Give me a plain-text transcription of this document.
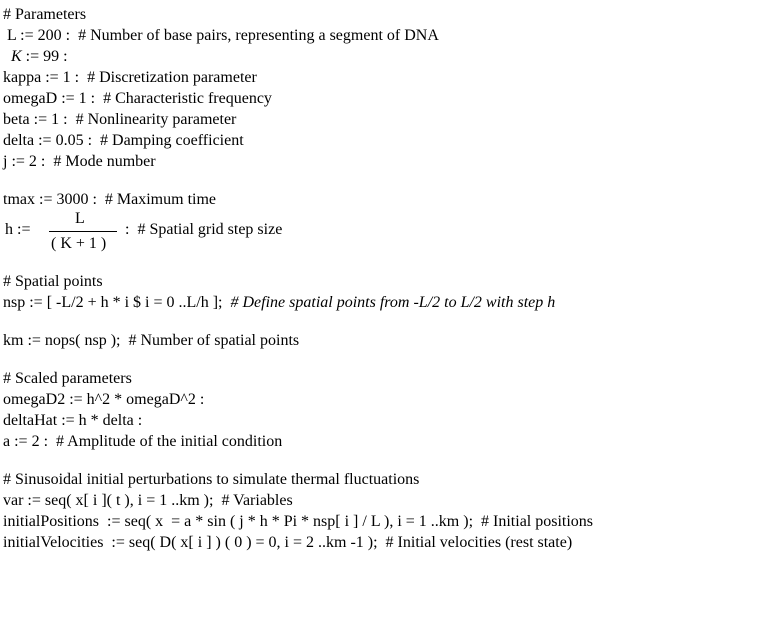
# Parameters
L := 200 :  # Number of base pairs, representing a segment of DNA
K := 99 :
kappa := 1 :  # Discretization parameter
omegaD := 1 :  # Characteristic frequency
beta := 1 :  # Nonlinearity parameter
delta := 0.05 :  # Damping coefficient
j := 2 :  # Mode number
tmax := 3000 :  # Maximum time

h :=

L

( K + 1 )

:  # Spatial grid step size

# Spatial points
nsp := [ -L/2 + h * i $ i = 0 ..L/h ];  # Define spatial points from -L/2 to L/2 with step h
km := nops( nsp );  # Number of spatial points
# Scaled parameters
omegaD2 := h^2 * omegaD^2 :
deltaHat := h * delta :
a := 2 :  # Amplitude of the initial condition
# Sinusoidal initial perturbations to simulate thermal fluctuations
var := seq( x[ i ]( t ), i = 1 ..km );  # Variables
initialPositions  := seq( x  = a * sin ( j * h * Pi * nsp[ i ] / L ), i = 1 ..km );  # Initial positions
initialVelocities  := seq( D( x[ i ] ) ( 0 ) = 0, i = 2 ..km -1 );  # Initial velocities (rest state)
